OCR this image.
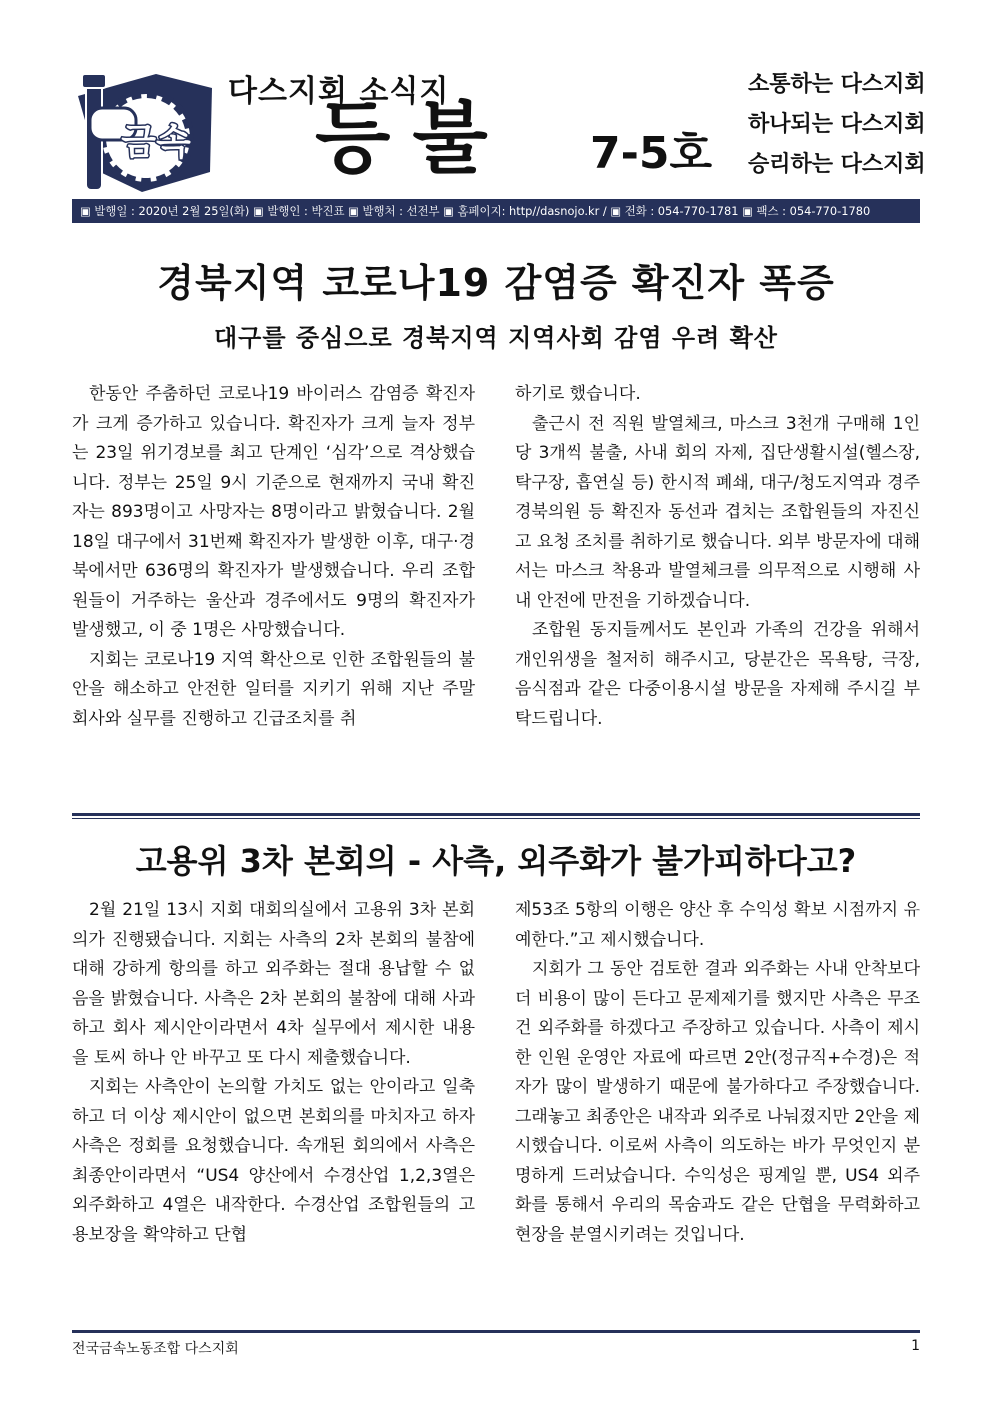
금속
다스지회 소식지
등불 7-5호
소통하는 다스지회
하나되는 다스지회
승리하는 다스지회
▣ 발행일 : 2020년 2월 25일(화) ▣ 발행인 : 박진표 ▣ 발행처 : 선전부 ▣ 홈페이지: http//dasnojo.kr / ▣ 전화 : 054-770-1781 ▣ 팩스 : 054-770-1780
경북지역 코로나19 감염증 확진자 폭증
대구를 중심으로 경북지역 지역사회 감염 우려 확산

한동안 주춤하던 코로나19 바이러스 감염증 확진자가 크게 증가하고 있습니다. 확진자가 크게 늘자 정부는 23일 위기경보를 최고 단계인 ‘심각’으로 격상했습니다. 정부는 25일 9시 기준으로 현재까지 국내 확진자는 893명이고 사망자는 8명이라고 밝혔습니다. 2월 18일 대구에서 31번째 확진자가 발생한 이후, 대구·경북에서만 636명의 확진자가 발생했습니다. 우리 조합원들이 거주하는 울산과 경주에서도 9명의 확진자가 발생했고, 이 중 1명은 사망했습니다.

지회는 코로나19 지역 확산으로 인한 조합원들의 불안을 해소하고 안전한 일터를 지키기 위해 지난 주말 회사와 실무를 진행하고 긴급조치를 취

하기로 했습니다.

출근시 전 직원 발열체크, 마스크 3천개 구매해 1인당 3개씩 불출, 사내 회의 자제, 집단생활시설(헬스장, 탁구장, 흡연실 등) 한시적 폐쇄, 대구/청도지역과 경주 경북의원 등 확진자 동선과 겹치는 조합원들의 자진신고 요청 조치를 취하기로 했습니다. 외부 방문자에 대해서는 마스크 착용과 발열체크를 의무적으로 시행해 사내 안전에 만전을 기하겠습니다.

조합원 동지들께서도 본인과 가족의 건강을 위해서 개인위생을 철저히 해주시고, 당분간은 목욕탕, 극장, 음식점과 같은 다중이용시설 방문을 자제해 주시길 부탁드립니다.

고용위 3차 본회의 - 사측, 외주화가 불가피하다고?

2월 21일 13시 지회 대회의실에서 고용위 3차 본회의가 진행됐습니다. 지회는 사측의 2차 본회의 불참에 대해 강하게 항의를 하고 외주화는 절대 용납할 수 없음을 밝혔습니다. 사측은 2차 본회의 불참에 대해 사과하고 회사 제시안이라면서 4차 실무에서 제시한 내용을 토씨 하나 안 바꾸고 또 다시 제출했습니다.

지회는 사측안이 논의할 가치도 없는 안이라고 일축하고 더 이상 제시안이 없으면 본회의를 마치자고 하자 사측은 정회를 요청했습니다. 속개된 회의에서 사측은 최종안이라면서 “US4 양산에서 수경산업 1,2,3열은 외주화하고 4열은 내작한다. 수경산업 조합원들의 고용보장을 확약하고 단협

제53조 5항의 이행은 양산 후 수익성 확보 시점까지 유예한다.”고 제시했습니다.

지회가 그 동안 검토한 결과 외주화는 사내 안착보다 더 비용이 많이 든다고 문제제기를 했지만 사측은 무조건 외주화를 하겠다고 주장하고 있습니다. 사측이 제시한 인원 운영안 자료에 따르면 2안(정규직+수경)은 적자가 많이 발생하기 때문에 불가하다고 주장했습니다. 그래놓고 최종안은 내작과 외주로 나눠졌지만 2안을 제시했습니다. 이로써 사측이 의도하는 바가 무엇인지 분명하게 드러났습니다. 수익성은 핑계일 뿐, US4 외주화를 통해서 우리의 목숨과도 같은 단협을 무력화하고 현장을 분열시키려는 것입니다.

전국금속노동조합 다스지회	1
